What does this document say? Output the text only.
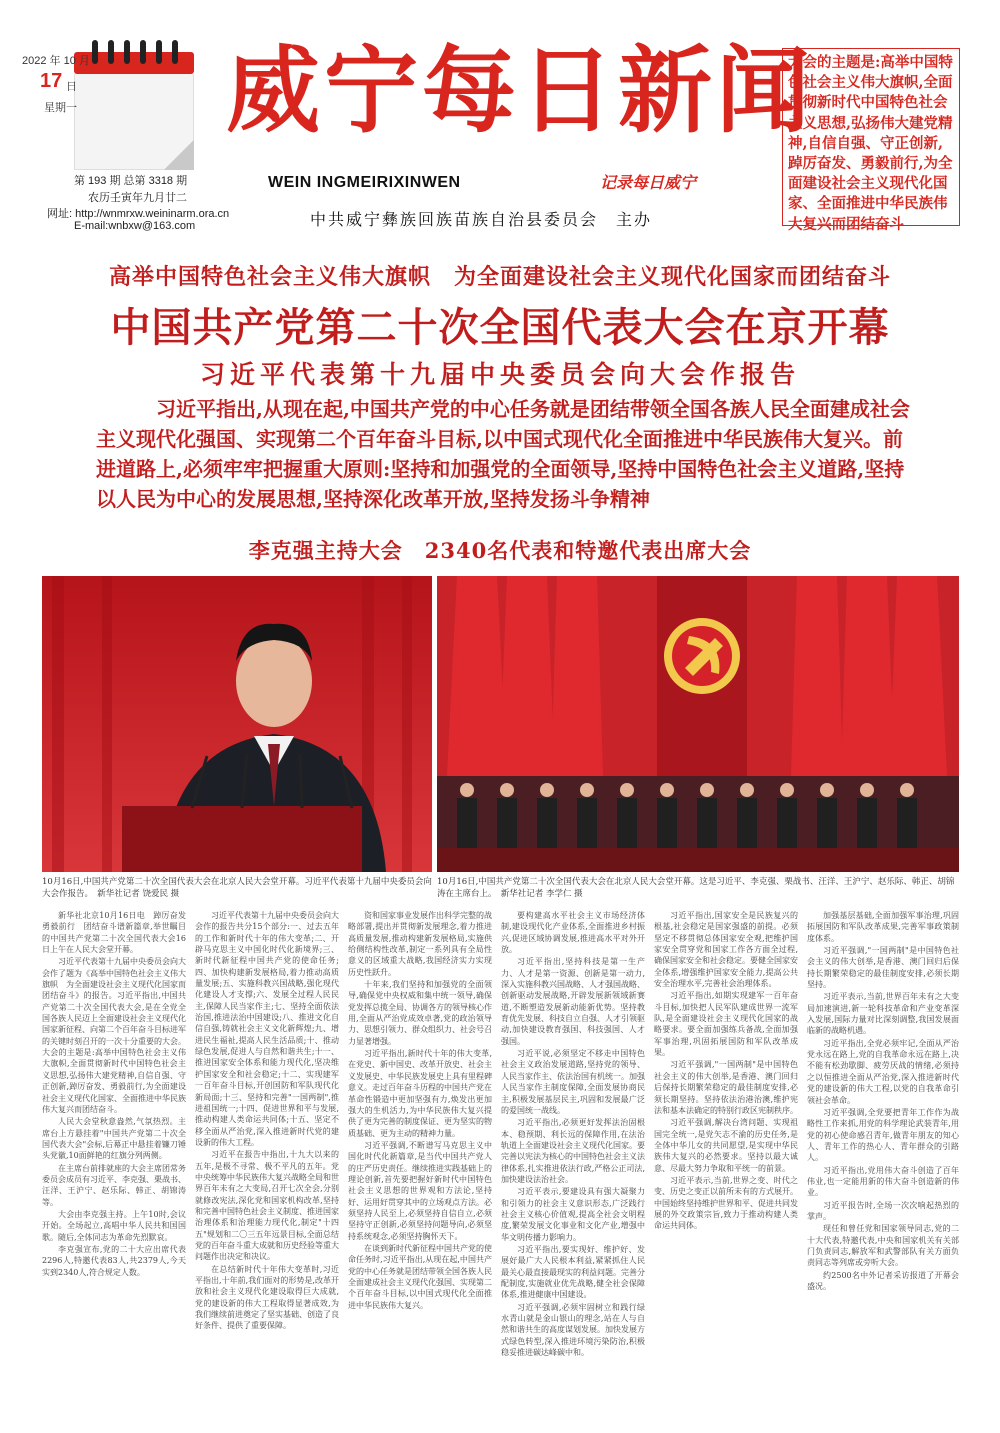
2022 年 10 月
17 日
星期一
第 193 期 总第 3318 期
农历壬寅年九月廿二
网址: http://wnmrxw.weininarm.ora.cn
E-mail:wnbxw@163.com
威宁每日新闻
WEIN INGMEIRIXINWEN	记录每日威宁
中共威宁彝族回族苗族自治县委员会　主办
大会的主题是:高举中国特色社会主义伟大旗帜,全面贯彻新时代中国特色社会主义思想,弘扬伟大建党精神,自信自强、守正创新,踔厉奋发、勇毅前行,为全面建设社会主义现代化国家、全面推进中华民族伟大复兴而团结奋斗
高举中国特色社会主义伟大旗帜　为全面建设社会主义现代化国家而团结奋斗
中国共产党第二十次全国代表大会在京开幕
习近平代表第十九届中央委员会向大会作报告
习近平指出,从现在起,中国共产党的中心任务就是团结带领全国各族人民全面建成社会主义现代化强国、实现第二个百年奋斗目标,以中国式现代化全面推进中华民族伟大复兴。前进道路上,必须牢牢把握重大原则:坚持和加强党的全面领导,坚持中国特色社会主义道路,坚持以人民为中心的发展思想,坚持深化改革开放,坚持发扬斗争精神
李克强主持大会　2340名代表和特邀代表出席大会
10月16日,中国共产党第二十次全国代表大会在北京人民大会堂开幕。习近平代表第十九届中央委员会向大会作报告。　新华社记者 饶爱民 摄
10月16日,中国共产党第二十次全国代表大会在北京人民大会堂开幕。这是习近平、李克强、栗战书、汪洋、王沪宁、赵乐际、韩正、胡锦涛在主席台上。　新华社记者 李学仁 摄

新华社北京10月16日电　踔厉奋发　勇毅前行　团结奋斗谱新篇章,举世瞩目的中国共产党第二十次全国代表大会16日上午在人民大会堂开幕。

习近平代表第十九届中央委员会向大会作了题为《高举中国特色社会主义伟大旗帜　为全面建设社会主义现代化国家而团结奋斗》的报告。习近平指出,中国共产党第二十次全国代表大会,是在全党全国各族人民迈上全面建设社会主义现代化国家新征程、向第二个百年奋斗目标进军的关键时刻召开的一次十分重要的大会。大会的主题是:高举中国特色社会主义伟大旗帜,全面贯彻新时代中国特色社会主义思想,弘扬伟大建党精神,自信自强、守正创新,踔厉奋发、勇毅前行,为全面建设社会主义现代化国家、全面推进中华民族伟大复兴而团结奋斗。

人民大会堂秋意盎然,气氛热烈。主席台上方悬挂着"中国共产党第二十次全国代表大会"会标,后幕正中悬挂着镰刀锤头党徽,10面鲜艳的红旗分列两侧。

在主席台前排就座的大会主席团常务委员会成员有习近平、李克强、栗战书、汪洋、王沪宁、赵乐际、韩正、胡锦涛等。

大会由李克强主持。上午10时,会议开始。全场起立,高唱中华人民共和国国歌。随后,全体同志为革命先烈默哀。

李克强宣布,党的二十大应出席代表2296人,特邀代表83人,共2379人,今天实到2340人,符合规定人数。

习近平代表第十九届中央委员会向大会作的报告共分15个部分:一、过去五年的工作和新时代十年的伟大变革;二、开辟马克思主义中国化时代化新境界;三、新时代新征程中国共产党的使命任务;四、加快构建新发展格局,着力推动高质量发展;五、实施科教兴国战略,强化现代化建设人才支撑;六、发展全过程人民民主,保障人民当家作主;七、坚持全面依法治国,推进法治中国建设;八、推进文化自信自强,铸就社会主义文化新辉煌;九、增进民生福祉,提高人民生活品质;十、推动绿色发展,促进人与自然和谐共生;十一、推进国家安全体系和能力现代化,坚决维护国家安全和社会稳定;十二、实现建军一百年奋斗目标,开创国防和军队现代化新局面;十三、坚持和完善"一国两制",推进祖国统一;十四、促进世界和平与发展,推动构建人类命运共同体;十五、坚定不移全面从严治党,深入推进新时代党的建设新的伟大工程。

习近平在报告中指出,十九大以来的五年,是极不寻常、极不平凡的五年。党中央统筹中华民族伟大复兴战略全局和世界百年未有之大变局,召开七次全会,分别就修改宪法,深化党和国家机构改革,坚持和完善中国特色社会主义制度、推进国家治理体系和治理能力现代化,制定"十四五"规划和二〇三五年远景目标,全面总结党的百年奋斗重大成就和历史经验等重大问题作出决定和决议。

在总结新时代十年伟大变革时,习近平指出,十年前,我们面对的形势是,改革开放和社会主义现代化建设取得巨大成就,党的建设新的伟大工程取得显著成效,为我们继续前进奠定了坚实基础、创造了良好条件、提供了重要保障。

资和国家事业发展作出科学完整的战略部署,提出并贯彻新发展理念,着力推进高质量发展,推动构建新发展格局,实施供给侧结构性改革,制定一系列具有全局性意义的区域重大战略,我国经济实力实现历史性跃升。

十年来,我们坚持和加强党的全面领导,确保党中央权威和集中统一领导,确保党发挥总揽全局、协调各方的领导核心作用,全面从严治党成效卓著,党的政治领导力、思想引领力、群众组织力、社会号召力显著增强。

习近平指出,新时代十年的伟大变革,在党史、新中国史、改革开放史、社会主义发展史、中华民族发展史上具有里程碑意义。走过百年奋斗历程的中国共产党在革命性锻造中更加坚强有力,焕发出更加强大的生机活力,为中华民族伟大复兴提供了更为完善的制度保证、更为坚实的物质基础、更为主动的精神力量。

习近平强调,不断谱写马克思主义中国化时代化新篇章,是当代中国共产党人的庄严历史责任。继续推进实践基础上的理论创新,首先要把握好新时代中国特色社会主义思想的世界观和方法论,坚持好、运用好贯穿其中的立场观点方法。必须坚持人民至上,必须坚持自信自立,必须坚持守正创新,必须坚持问题导向,必须坚持系统观念,必须坚持胸怀天下。

在谈到新时代新征程中国共产党的使命任务时,习近平指出,从现在起,中国共产党的中心任务就是团结带领全国各族人民全面建成社会主义现代化强国、实现第二个百年奋斗目标,以中国式现代化全面推进中华民族伟大复兴。

要构建高水平社会主义市场经济体制,建设现代化产业体系,全面推进乡村振兴,促进区域协调发展,推进高水平对外开放。

习近平指出,坚持科技是第一生产力、人才是第一资源、创新是第一动力,深入实施科教兴国战略、人才强国战略、创新驱动发展战略,开辟发展新领域新赛道,不断塑造发展新动能新优势。坚持教育优先发展、科技自立自强、人才引领驱动,加快建设教育强国、科技强国、人才强国。

习近平说,必须坚定不移走中国特色社会主义政治发展道路,坚持党的领导、人民当家作主、依法治国有机统一。加强人民当家作主制度保障,全面发展协商民主,积极发展基层民主,巩固和发展最广泛的爱国统一战线。

习近平指出,必须更好发挥法治固根本、稳预期、利长远的保障作用,在法治轨道上全面建设社会主义现代化国家。要完善以宪法为核心的中国特色社会主义法律体系,扎实推进依法行政,严格公正司法,加快建设法治社会。

习近平表示,要建设具有强大凝聚力和引领力的社会主义意识形态,广泛践行社会主义核心价值观,提高全社会文明程度,繁荣发展文化事业和文化产业,增强中华文明传播力影响力。

习近平指出,要实现好、维护好、发展好最广大人民根本利益,紧紧抓住人民最关心最直接最现实的利益问题。完善分配制度,实施就业优先战略,健全社会保障体系,推进健康中国建设。

习近平强调,必须牢固树立和践行绿水青山就是金山银山的理念,站在人与自然和谐共生的高度谋划发展。加快发展方式绿色转型,深入推进环境污染防治,积极稳妥推进碳达峰碳中和。

习近平指出,国家安全是民族复兴的根基,社会稳定是国家强盛的前提。必须坚定不移贯彻总体国家安全观,把维护国家安全贯穿党和国家工作各方面全过程,确保国家安全和社会稳定。要健全国家安全体系,增强维护国家安全能力,提高公共安全治理水平,完善社会治理体系。

习近平指出,如期实现建军一百年奋斗目标,加快把人民军队建成世界一流军队,是全面建设社会主义现代化国家的战略要求。要全面加强练兵备战,全面加强军事治理,巩固拓展国防和军队改革成果。

习近平强调,"一国两制"是中国特色社会主义的伟大创举,是香港、澳门回归后保持长期繁荣稳定的最佳制度安排,必须长期坚持。坚持依法治港治澳,维护宪法和基本法确定的特别行政区宪制秩序。

习近平强调,解决台湾问题、实现祖国完全统一,是党矢志不渝的历史任务,是全体中华儿女的共同愿望,是实现中华民族伟大复兴的必然要求。坚持以最大诚意、尽最大努力争取和平统一的前景。

习近平表示,当前,世界之变、时代之变、历史之变正以前所未有的方式展开。中国始终坚持维护世界和平、促进共同发展的外交政策宗旨,致力于推动构建人类命运共同体。

加强基层基础,全面加强军事治理,巩固拓展国防和军队改革成果,完善军事政策制度体系。

习近平强调,"一国两制"是中国特色社会主义的伟大创举,是香港、澳门回归后保持长期繁荣稳定的最佳制度安排,必须长期坚持。

习近平表示,当前,世界百年未有之大变局加速演进,新一轮科技革命和产业变革深入发展,国际力量对比深刻调整,我国发展面临新的战略机遇。

习近平指出,全党必须牢记,全面从严治党永远在路上,党的自我革命永远在路上,决不能有松劲歇脚、疲劳厌战的情绪,必须持之以恒推进全面从严治党,深入推进新时代党的建设新的伟大工程,以党的自我革命引领社会革命。

习近平强调,全党要把青年工作作为战略性工作来抓,用党的科学理论武装青年,用党的初心使命感召青年,做青年朋友的知心人、青年工作的热心人、青年群众的引路人。

习近平指出,党用伟大奋斗创造了百年伟业,也一定能用新的伟大奋斗创造新的伟业。

习近平报告时,全场一次次响起热烈的掌声。

现任和曾任党和国家领导同志,党的二十大代表,特邀代表,中央和国家机关有关部门负责同志,解放军和武警部队有关方面负责同志等列席或旁听大会。

约2500名中外记者采访报道了开幕会盛况。
